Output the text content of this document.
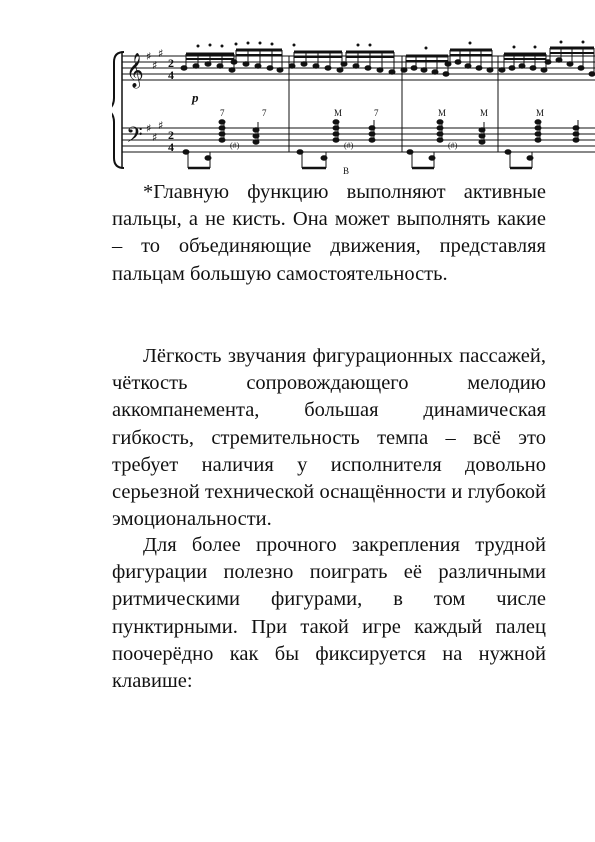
𝄞
𝄢
♯
♯
♯
♯
♯
♯
2
4
2
4
p
7	7	M	7	M	M	M
(#)	(#)	(#)
B

*Главную функцию выполняют активные пальцы, а не кисть. Она может выполнять какие – то объединяющие движения, представляя пальцам большую самостоятельность.

Лёгкость звучания фигурационных пассажей, чёткость сопровождающего мелодию аккомпанемента, большая динамическая гибкость, стремительность темпа – всё это требует наличия у исполнителя довольно серьезной технической оснащённости и глубокой эмоциональности.

Для более прочного закрепления трудной фигурации полезно поиграть её различными ритмическими фигурами, в том числе пунктирными. При такой игре каждый палец поочерёдно как бы фиксируется на нужной клавише:
